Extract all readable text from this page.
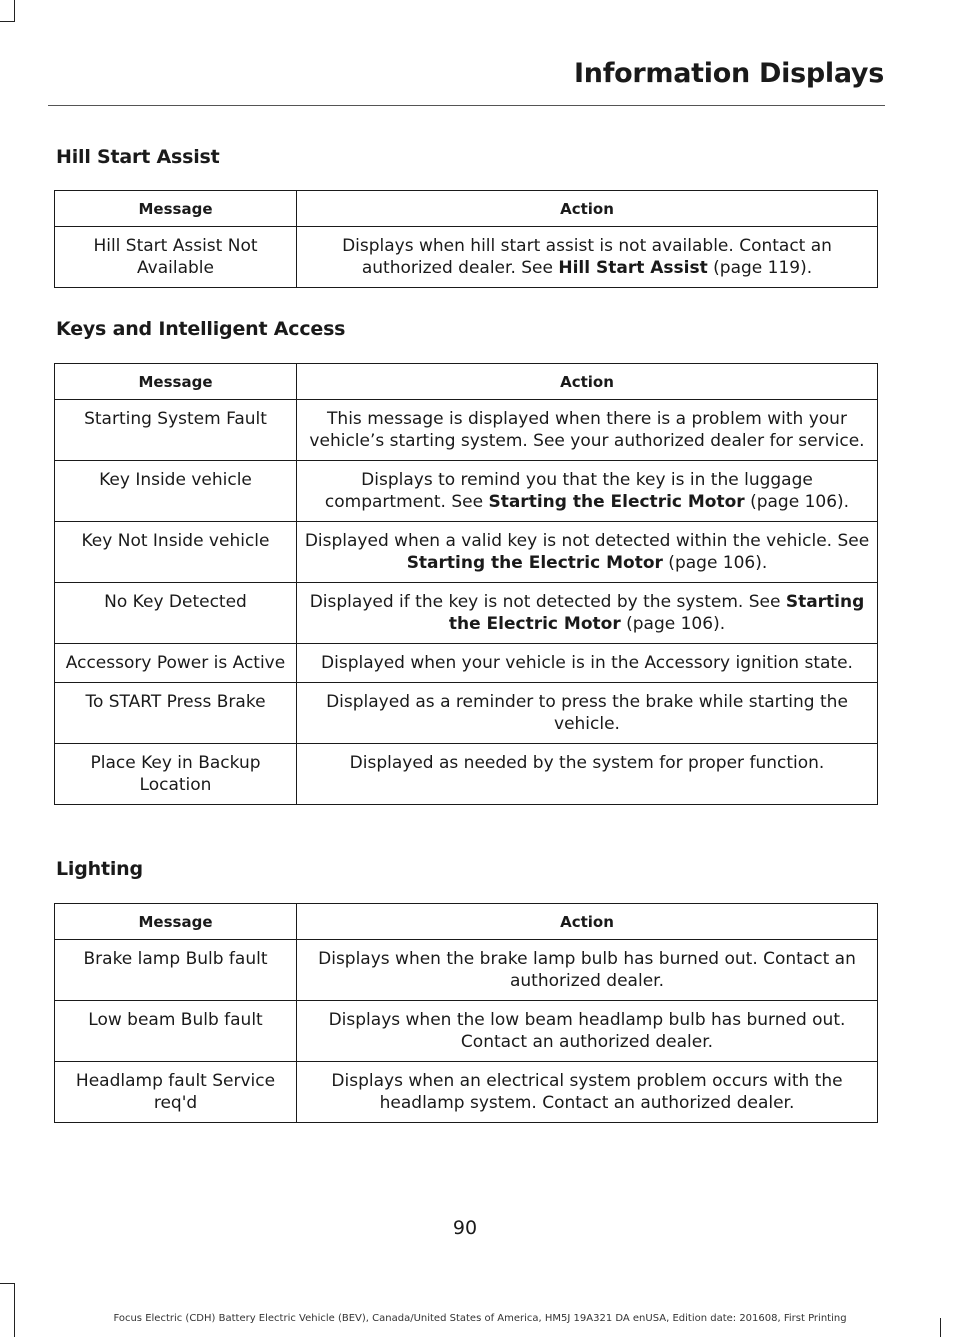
Information Displays
Hill Start Assist
Message	Action
Hill Start Assist Not Available	Displays when hill start assist is not available. Contact an authorized dealer. See Hill Start Assist (page 119).
Keys and Intelligent Access
Message	Action
Starting System Fault	This message is displayed when there is a problem with your vehicle’s starting system. See your authorized dealer for service.
Key Inside vehicle	Displays to remind you that the key is in the luggage compartment. See Starting the Electric Motor (page 106).
Key Not Inside vehicle	Displayed when a valid key is not detected within the vehicle. See Starting the Electric Motor (page 106).
No Key Detected	Displayed if the key is not detected by the system. See Starting the Electric Motor (page 106).
Accessory Power is Active	Displayed when your vehicle is in the Accessory ignition state.
To START Press Brake	Displayed as a reminder to press the brake while starting the vehicle.
Place Key in Backup Location	Displayed as needed by the system for proper function.
Lighting
Message	Action
Brake lamp Bulb fault	Displays when the brake lamp bulb has burned out. Contact an authorized dealer.
Low beam Bulb fault	Displays when the low beam headlamp bulb has burned out. Contact an authorized dealer.
Headlamp fault Service req'd	Displays when an electrical system problem occurs with the headlamp system. Contact an authorized dealer.
90
Focus Electric (CDH) Battery Electric Vehicle (BEV), Canada/United States of America, HM5J 19A321 DA enUSA, Edition date: 201608, First Printing
